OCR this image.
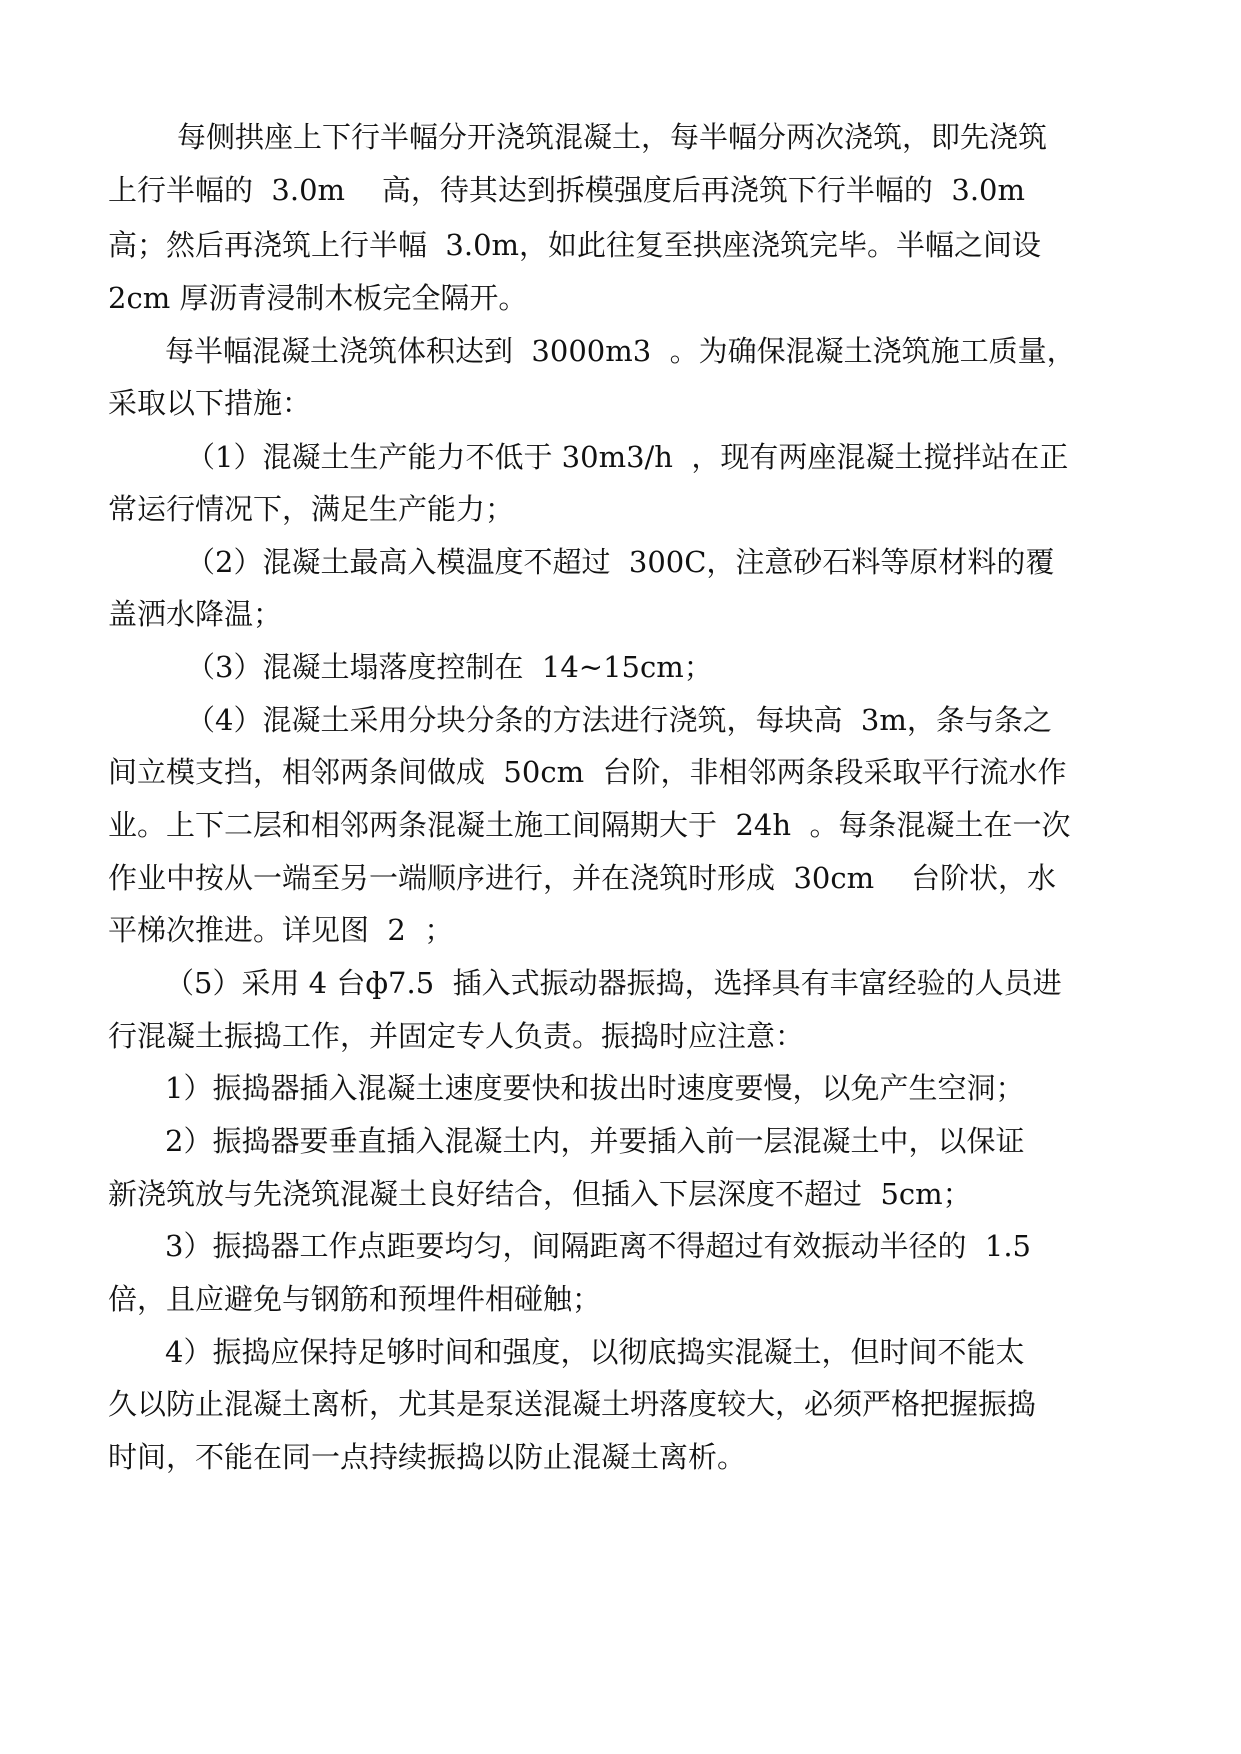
每侧拱座上下行半幅分开浇筑混凝土，每半幅分两次浇筑，即先浇筑

上行半幅的  3.0m    高，待其达到拆模强度后再浇筑下行半幅的  3.0m

高；然后再浇筑上行半幅  3.0m，如此往复至拱座浇筑完毕。半幅之间设

2cm 厚沥青浸制木板完全隔开。

每半幅混凝土浇筑体积达到  3000m3  。为确保混凝土浇筑施工质量，

采取以下措施：

（1）混凝土生产能力不低于 30m3/h  ，现有两座混凝土搅拌站在正

常运行情况下，满足生产能力；

（2）混凝土最高入模温度不超过  300C，注意砂石料等原材料的覆

盖洒水降温；

（3）混凝土塌落度控制在  14~15cm；

（4）混凝土采用分块分条的方法进行浇筑，每块高  3m，条与条之

间立模支挡，相邻两条间做成  50cm  台阶，非相邻两条段采取平行流水作

业。上下二层和相邻两条混凝土施工间隔期大于  24h  。每条混凝土在一次

作业中按从一端至另一端顺序进行，并在浇筑时形成  30cm    台阶状，水

平梯次推进。详见图  2  ；

（5）采用 4 台ф7.5  插入式振动器振捣，选择具有丰富经验的人员进

行混凝土振捣工作，并固定专人负责。振捣时应注意：

1）振捣器插入混凝土速度要快和拔出时速度要慢，以免产生空洞；

2）振捣器要垂直插入混凝土内，并要插入前一层混凝土中，以保证

新浇筑放与先浇筑混凝土良好结合，但插入下层深度不超过  5cm；

3）振捣器工作点距要均匀，间隔距离不得超过有效振动半径的  1.5

倍，且应避免与钢筋和预埋件相碰触；

4）振捣应保持足够时间和强度，以彻底捣实混凝土，但时间不能太

久以防止混凝土离析，尤其是泵送混凝土坍落度较大，必须严格把握振捣

时间，不能在同一点持续振捣以防止混凝土离析。
